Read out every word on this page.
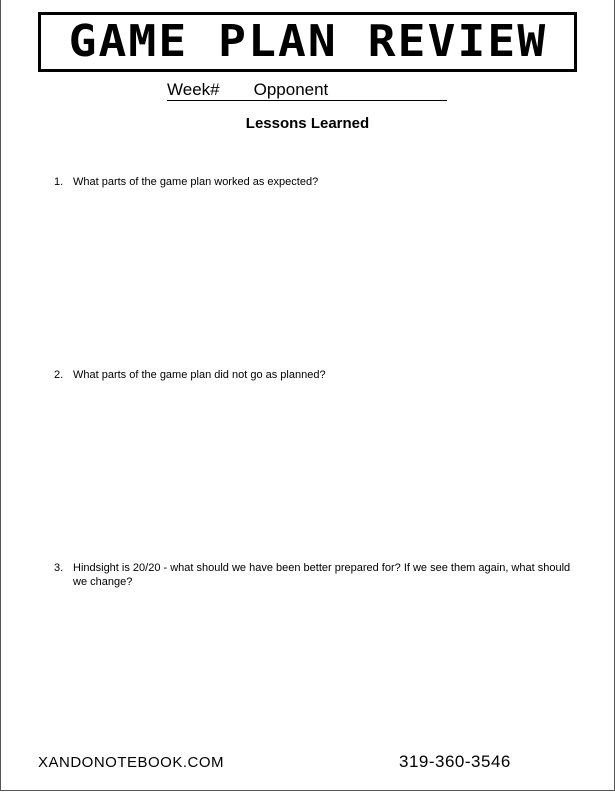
GAME PLAN REVIEW
Week# Opponent
Lessons Learned
1. What parts of the game plan worked as expected?
2. What parts of the game plan did not go as planned?
3. Hindsight is 20/20 - what should we have been better prepared for? If we see them again, what should we change?
XANDONOTEBOOK.COM	319-360-3546
